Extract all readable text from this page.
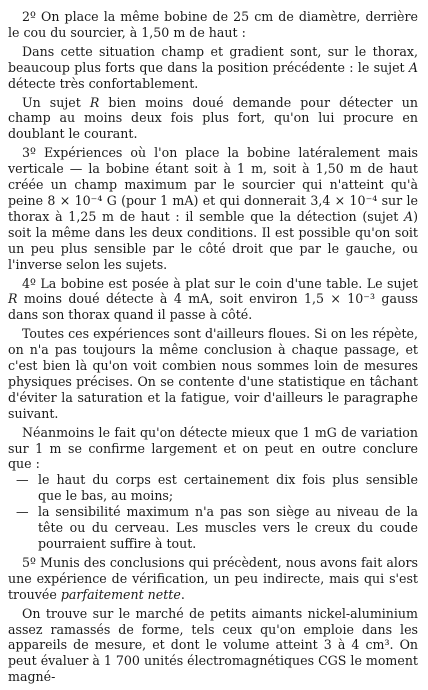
2º On place la même bobine de 25 cm de diamètre, derrière le cou du sourcier, à 1,50 m de haut :

Dans cette situation champ et gradient sont, sur le thorax, beaucoup plus forts que dans la position précédente : le sujet A détecte très confortablement.

Un sujet R bien moins doué demande pour détecter un champ au moins deux fois plus fort, qu'on lui procure en doublant le courant.

3º Expériences où l'on place la bobine latéralement mais verticale — la bobine étant soit à 1 m, soit à 1,50 m de haut créée un champ maximum par le sourcier qui n'atteint qu'à peine 8 × 10⁻⁴ G (pour 1 mA) et qui donnerait 3,4 × 10⁻⁴ sur le thorax à 1,25 m de haut : il semble que la détection (sujet A) soit la même dans les deux conditions. Il est possible qu'on soit un peu plus sensible par le côté droit que par le gauche, ou l'inverse selon les sujets.

4º La bobine est posée à plat sur le coin d'une table. Le sujet R moins doué détecte à 4 mA, soit environ 1,5 × 10⁻³ gauss dans son thorax quand il passe à côté.

Toutes ces expériences sont d'ailleurs floues. Si on les répète, on n'a pas toujours la même conclusion à chaque passage, et c'est bien là qu'on voit combien nous sommes loin de mesures physiques précises. On se contente d'une statistique en tâchant d'éviter la saturation et la fatigue, voir d'ailleurs le paragraphe suivant.

Néanmoins le fait qu'on détecte mieux que 1 mG de variation sur 1 m se confirme largement et on peut en outre conclure que :

— le haut du corps est certainement dix fois plus sensible que le bas, au moins;
— la sensibilité maximum n'a pas son siège au niveau de la tête ou du cerveau. Les muscles vers le creux du coude pourraient suffire à tout.

5º Munis des conclusions qui précèdent, nous avons fait alors une expérience de vérification, un peu indirecte, mais qui s'est trouvée parfaitement nette.

On trouve sur le marché de petits aimants nickel-aluminium assez ramassés de forme, tels ceux qu'on emploie dans les appareils de mesure, et dont le volume atteint 3 à 4 cm³. On peut évaluer à 1 700 unités électromagnétiques CGS le moment magné-
